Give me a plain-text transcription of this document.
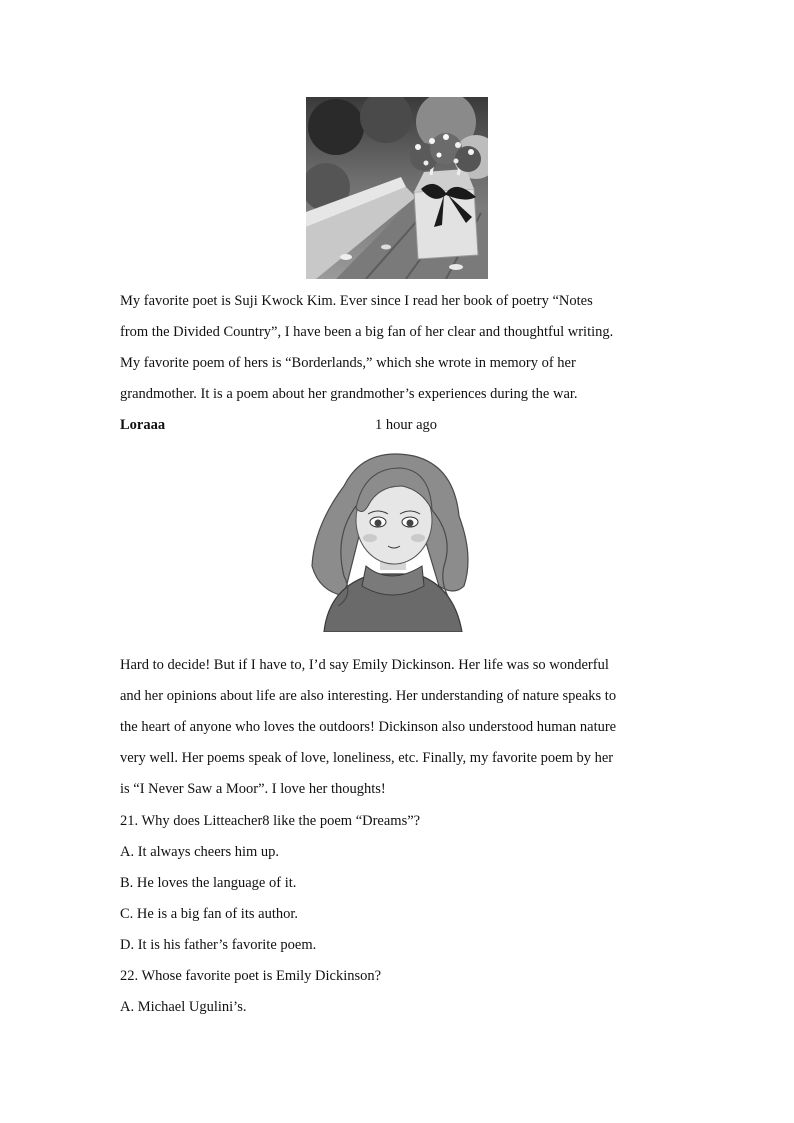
My favorite poet is Suji Kwock Kim. Ever since I read her book of poetry “Notes
from the Divided Country”, I have been a big fan of her clear and thoughtful writing.
My favorite poem of hers is “Borderlands,” which she wrote in memory of her
grandmother. It is a poem about her grandmother’s experiences during the war.
Loraaa	1 hour ago
Hard to decide! But if I have to, I’d say Emily Dickinson. Her life was so wonderful
and her opinions about life are also interesting. Her understanding of nature speaks to
the heart of anyone who loves the outdoors! Dickinson also understood human nature
very well. Her poems speak of love, loneliness, etc. Finally, my favorite poem by her
is “I Never Saw a Moor”. I love her thoughts!
21. Why does Litteacher8 like the poem “Dreams”?
A. It always cheers him up.
B. He loves the language of it.
C. He is a big fan of its author.
D. It is his father’s favorite poem.
22. Whose favorite poet is Emily Dickinson?
A. Michael Ugulini’s.
